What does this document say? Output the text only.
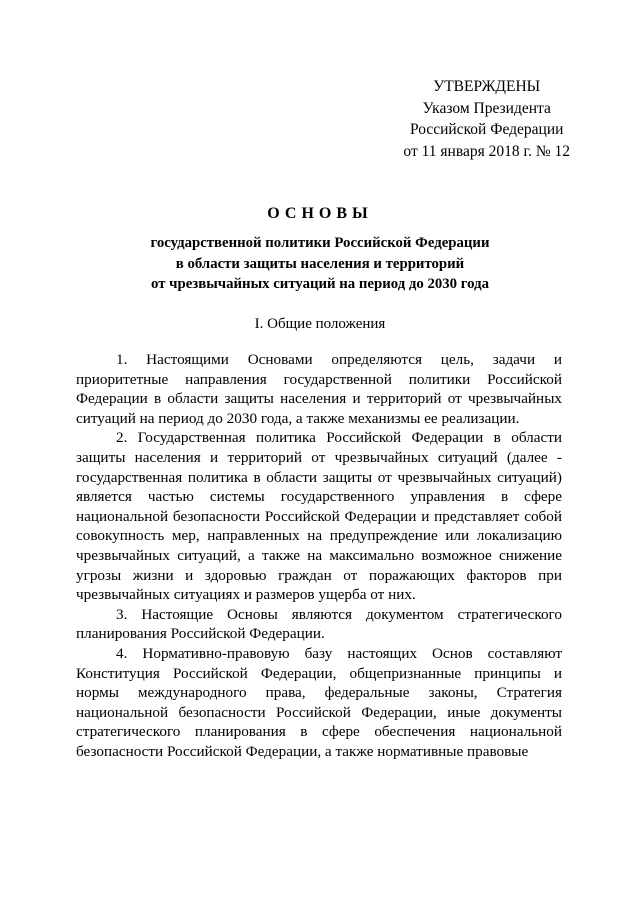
УТВЕРЖДЕНЫ
Указом Президента
Российской Федерации
от 11 января 2018 г. № 12
ОСНОВЫ
государственной политики Российской Федерации
в области защиты населения и территорий
от чрезвычайных ситуаций на период до 2030 года
I. Общие положения

1. Настоящими Основами определяются цель, задачи и приоритетные направления государственной политики Российской Федерации в области защиты населения и территорий от чрезвычайных ситуаций на период до 2030 года, а также механизмы ее реализации.

2. Государственная политика Российской Федерации в области защиты населения и территорий от чрезвычайных ситуаций (далее - государственная политика в области защиты от чрезвычайных ситуаций) является частью системы государственного управления в сфере национальной безопасности Российской Федерации и представляет собой совокупность мер, направленных на предупреждение или локализацию чрезвычайных ситуаций, а также на максимально возможное снижение угрозы жизни и здоровью граждан от поражающих факторов при чрезвычайных ситуациях и размеров ущерба от них.

3. Настоящие Основы являются документом стратегического планирования Российской Федерации.

4. Нормативно-правовую базу настоящих Основ составляют Конституция Российской Федерации, общепризнанные принципы и нормы международного права, федеральные законы, Стратегия национальной безопасности Российской Федерации, иные документы стратегического планирования в сфере обеспечения национальной безопасности Российской Федерации, а также нормативные правовые
